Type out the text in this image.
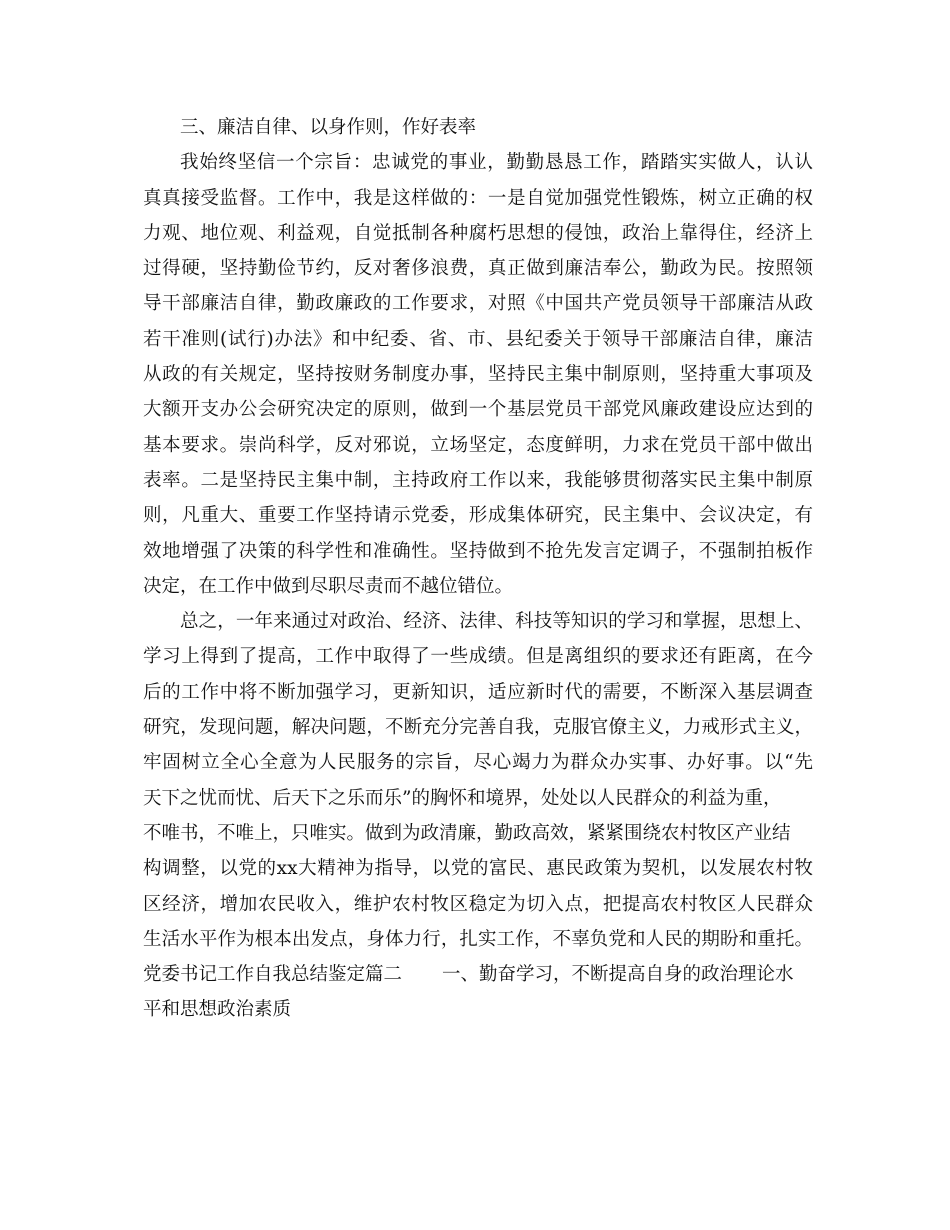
三、廉洁自律、以身作则，作好表率
我始终坚信一个宗旨：忠诚党的事业，勤勤恳恳工作，踏踏实实做人，认认
真真接受监督。工作中，我是这样做的：一是自觉加强党性锻炼，树立正确的权
力观、地位观、利益观，自觉抵制各种腐朽思想的侵蚀，政治上靠得住，经济上
过得硬，坚持勤俭节约，反对奢侈浪费，真正做到廉洁奉公，勤政为民。按照领
导干部廉洁自律，勤政廉政的工作要求，对照《中国共产党员领导干部廉洁从政
若干准则(试行)办法》和中纪委、省、市、县纪委关于领导干部廉洁自律，廉洁
从政的有关规定，坚持按财务制度办事，坚持民主集中制原则，坚持重大事项及
大额开支办公会研究决定的原则，做到一个基层党员干部党风廉政建设应达到的
基本要求。崇尚科学，反对邪说，立场坚定，态度鲜明，力求在党员干部中做出
表率。二是坚持民主集中制，主持政府工作以来，我能够贯彻落实民主集中制原
则，凡重大、重要工作坚持请示党委，形成集体研究，民主集中、会议决定，有
效地增强了决策的科学性和准确性。坚持做到不抢先发言定调子，不强制拍板作
决定，在工作中做到尽职尽责而不越位错位。
总之，一年来通过对政治、经济、法律、科技等知识的学习和掌握，思想上、
学习上得到了提高，工作中取得了一些成绩。但是离组织的要求还有距离，在今
后的工作中将不断加强学习，更新知识，适应新时代的需要，不断深入基层调查
研究，发现问题，解决问题，不断充分完善自我，克服官僚主义，力戒形式主义，
牢固树立全心全意为人民服务的宗旨，尽心竭力为群众办实事、办好事。以“先
天下之忧而忧、后天下之乐而乐”的胸怀和境界，处处以人民群众的利益为重，
不唯书，不唯上，只唯实。做到为政清廉，勤政高效，紧紧围绕农村牧区产业结
构调整，以党的xx大精神为指导，以党的富民、惠民政策为契机，以发展农村牧
区经济，增加农民收入，维护农村牧区稳定为切入点，把提高农村牧区人民群众
生活水平作为根本出发点，身体力行，扎实工作，不辜负党和人民的期盼和重托。
党委书记工作自我总结鉴定篇二 一、勤奋学习，不断提高自身的政治理论水
平和思想政治素质
